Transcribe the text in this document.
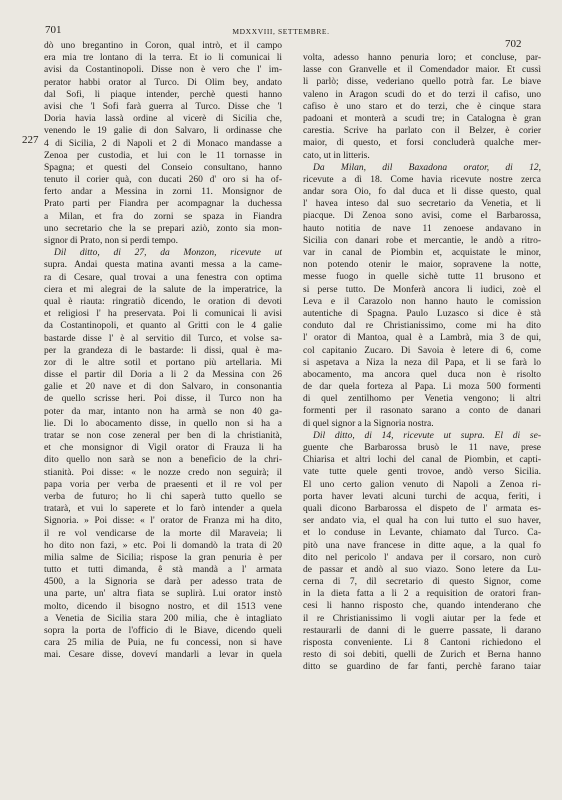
701	MDXXVIII, SETTEMBRE.
702
227
dò uno bregantino in Coron, qual intrò, et il campo
era mia tre lontano di la terra. Et io li comunicai li
avisi da Costantinopoli. Disse non è vero che l' im-
perator habbi orator al Turco. Di Olim bey, andato
dal Sofi, li piaque intender, perchè questi hanno
avisi che 'l Sofi farà guerra al Turco. Disse che 'l
Doria havia lassà ordine al vicerè di Sicilia che,
venendo le 19 galie di don Salvaro, li ordinasse che
4 di Sicilia, 2 di Napoli et 2 di Monaco mandasse a
Zenoa per custodia, et lui con le 11 tornasse in
Spagna; et questi del Conseio consultano, hanno
tenuto il corier quà, con ducati 260 d' oro si ha of-
ferto andar a Messina in zorni 11. Monsignor de
Prato parti per Fiandra per acompagnar la duchessa
a Milan, et fra do zorni se spaza in Fiandra
uno secretario che la se prepari aziò, zonto sia mon-
signor di Prato, non si perdi tempo.
Dil ditto, di 27, da Monzon, ricevute ut
supra. Andai questa matina avanti messa a la came-
ra di Cesare, qual trovai a una fenestra con optima
ciera et mi alegrai de la salute de la imperatrice, la
qual è riauta: ringratiò dicendo, le oration di devoti
et religiosi l' ha preservata. Poi li comunicai li avisi
da Costantinopoli, et quanto al Gritti con le 4 galie
bastarde disse l' è al servitio dil Turco, et volse sa-
per la grandeza di le bastarde: li dissi, qual è ma-
zor di le altre sotil et portano più artellaria. Mi
disse el partir dil Doria a li 2 da Messina con 26
galie et 20 nave et di don Salvaro, in consonantia
de quello scrisse heri. Poi disse, il Turco non ha
poter da mar, intanto non ha armà se non 40 ga-
lie. Di lo abocamento disse, in quello non si ha a
tratar se non cose zeneral per ben di la christianità,
et che monsignor di Vigil orator di Frauza li ha
dito quello non sarà se non a beneficio de la chri-
stianità. Poi disse: « le nozze credo non seguirà; il
papa voria per verba de praesenti et il re vol per
verba de futuro; ho li chi saperà tutto quello se
tratarà, et vui lo saperete et lo farò intender a quela
Signoria. » Poi disse: « l' orator de Franza mi ha dito,
il re vol vendicarse de la morte dil Maraveia; li
ho dito non fazi, » etc. Poi li domandò la trata di 20
milia salme de Sicilia; rispose la gran penuria è per
tutto et tutti dimanda, ê stà mandà a l' armata
4500, a la Signoria se darà per adesso trata de
una parte, un' altra fiata se suplirà. Lui orator instò
molto, dicendo il bisogno nostro, et dil 1513 vene
a Venetia de Sicilia stara 200 milia, che è intagliato
sopra la porta de l'officio di le Biave, dicendo queli
cara 25 milia de Puia, ne fu concessi, non si have
mai. Cesare disse, doveví mandarli a levar in quela
volta, adesso hanno penuria loro; et concluse, par-
lasse con Granvelle et il Comendador maior. Et cussì
li parlò; disse, vederiano quello potrà far. Le biave
valeno in Aragon scudi do et do terzi il cafiso, uno
cafiso è uno staro et do terzi, che è cinque stara
padoani et monterà a scudi tre; in Catalogna è gran
carestia. Scrive ha parlato con il Belzer, è corier
maior, di questo, et forsi concluderà qualche mer-
cato, ut in litteris.
Da Milan, dil Baxadona orator, di 12,
ricevute a dì 18. Come havia ricevute nostre zerca
andar sora Oio, fo dal duca et li disse questo, qual
l' havea inteso dal suo secretario da Venetia, et li
piacque. Di Zenoa sono avisi, come el Barbarossa,
hauto notitia de nave 11 zenoese andavano in
Sicilia con danari robe et mercantie, le andò a ritro-
var in canal de Piombin et, acquistate le minor,
non potendo otenir le maior, sopravene la notte,
messe fuogo in quelle sichè tutte 11 brusono et
si perse tutto. De Monferà ancora li iudici, zoè el
Leva e il Carazolo non hanno hauto le comission
autentiche di Spagna. Paulo Luzasco si dice è stà
conduto dal re Christianissimo, come mi ha dito
l' orator di Mantoa, qual è a Lambrà, mia 3 de qui,
col capitanio Zucaro. Di Savoia è letere di 6, come
si aspetava a Niza la neza dil Papa, et li se farà lo
abocamento, ma ancora quel duca non è risolto
de dar quela forteza al Papa. Li moza 500 formenti
di quel zentilhomo per Venetia vengono; li altri
formenti per il rasonato sarano a conto de danari
di quel signor a la Signoria nostra.
Dil ditto, di 14, ricevute ut supra. El di se-
guente che Barbarossa brusò le 11 nave, prese
Chiarisa et altri lochi del canal de Piombin, et capti-
vate tutte quele genti trovoe, andò verso Sicilia.
El uno certo galion venuto di Napoli a Zenoa ri-
porta haver levati alcuni turchi de acqua, feriti, i
quali dicono Barbarossa el dispeto de l' armata es-
ser andato via, el qual ha con lui tutto el suo haver,
et lo conduse in Levante, chiamato dal Turco. Ca-
pitò una nave francese in ditte aque, a la qual fo
dito nel pericolo l' andava per il corsaro, non curò
de passar et andò al suo viazo. Sono letere da Lu-
cerna di 7, dil secretario di questo Signor, come
in la dieta fatta a li 2 a requisition de oratori fran-
cesi li hanno risposto che, quando intenderano che
il re Christianissimo li vogli aiutar per la fede et
restaurarli de danni di le guerre passate, li darano
risposta conveniente. Li 8 Cantoni richiedono el
resto di soi debiti, quelli de Zurich et Berna hanno
ditto se guardino de far fanti, perchè farano taiar
